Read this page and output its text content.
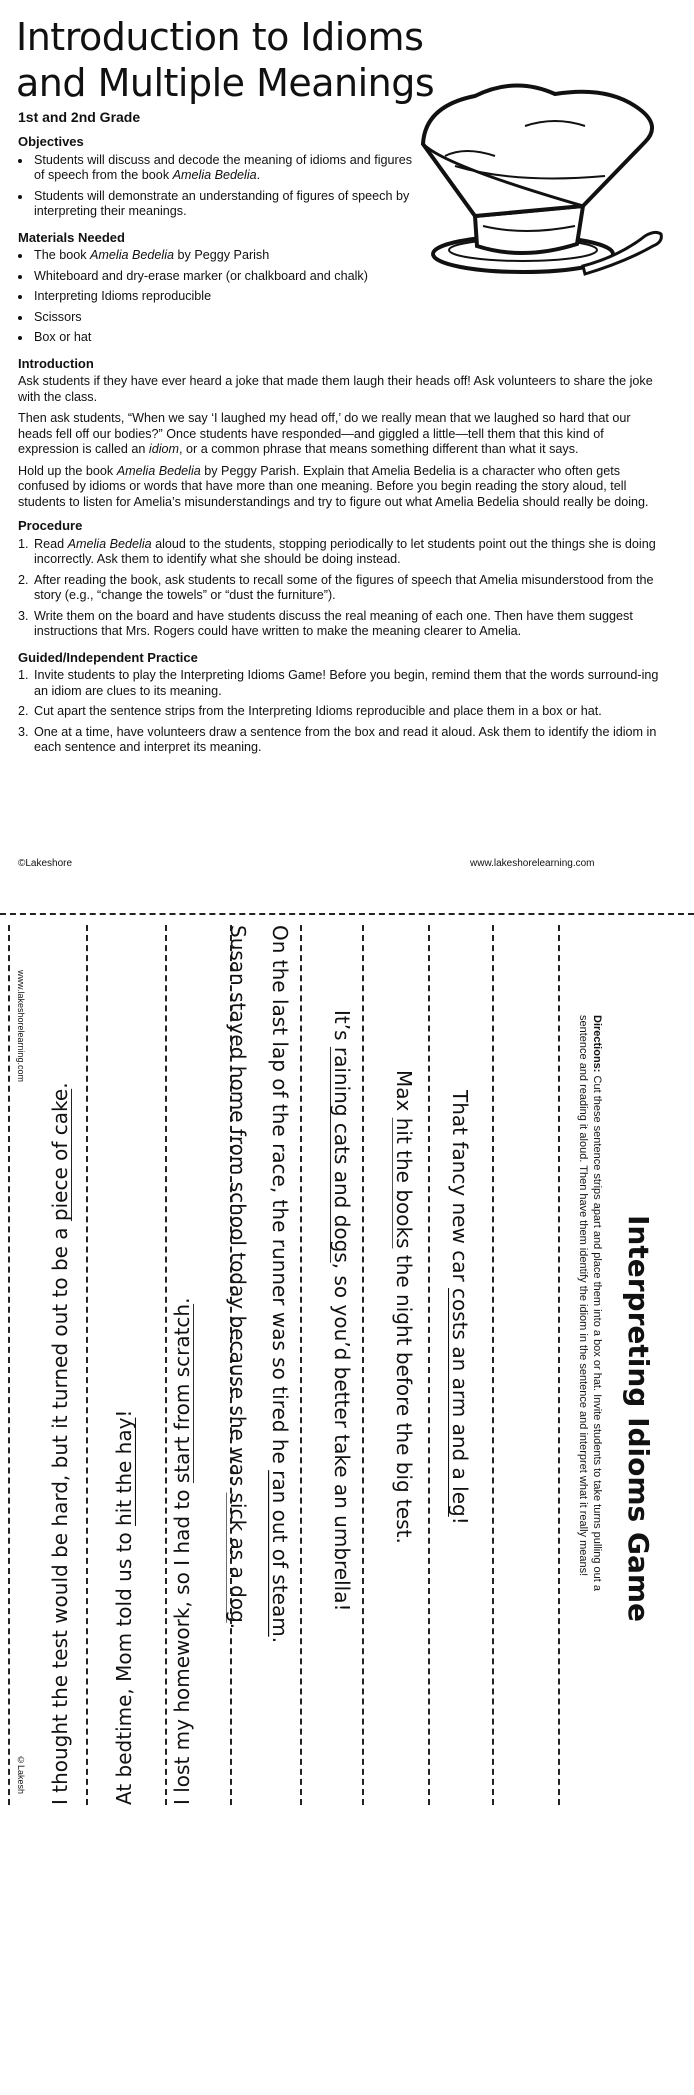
Introduction to Idioms and Multiple Meanings
1st and 2nd Grade
Objectives
• Students will discuss and decode the meaning of idioms and figures of speech from the book Amelia Bedelia.
• Students will demonstrate an understanding of figures of speech by interpreting their meanings.
Materials Needed
• The book Amelia Bedelia by Peggy Parish
• Whiteboard and dry-erase marker (or chalkboard and chalk)
• Interpreting Idioms reproducible
• Scissors
• Box or hat
Introduction

Ask students if they have ever heard a joke that made them laugh their heads off! Ask volunteers to share the joke with the class.

Then ask students, “When we say ‘I laughed my head off,’ do we really mean that we laughed so hard that our heads fell off our bodies?” Once students have responded—and giggled a little—tell them that this kind of expression is called an idiom, or a common phrase that means something different than what it says.

Hold up the book Amelia Bedelia by Peggy Parish. Explain that Amelia Bedelia is a character who often gets confused by idioms or words that have more than one meaning. Before you begin reading the story aloud, tell students to listen for Amelia’s misunderstandings and try to figure out what Amelia Bedelia should really be doing.

Procedure
1. Read Amelia Bedelia aloud to the students, stopping periodically to let students point out the things she is doing incorrectly. Ask them to identify what she should be doing instead.
2. After reading the book, ask students to recall some of the figures of speech that Amelia misunderstood from the story (e.g., “change the towels” or “dust the furniture”).
3. Write them on the board and have students discuss the real meaning of each one. Then have them suggest instructions that Mrs. Rogers could have written to make the meaning clearer to Amelia.
Guided/Independent Practice
1. Invite students to play the Interpreting Idioms Game! Before you begin, remind them that the words surround-ing an idiom are clues to its meaning.
2. Cut apart the sentence strips from the Interpreting Idioms reproducible and place them in a box or hat.
3. One at a time, have volunteers draw a sentence from the box and read it aloud. Ask them to identify the idiom in each sentence and interpret its meaning.
©Lakeshore	www.lakeshorelearning.com
www.lakeshorelearning.com
©Lakesh I thought the test would be hard, but it turned out to be a piece of cake.
At bedtime, Mom told us to hit the hay!
I lost my homework, so I had to start from scratch. Susan stayed home from school today because she was sick as a dog.
On the last lap of the race, the runner was so tired he ran out of steam.
It’s raining cats and dogs, so you’d better take an umbrella!
Max hit the books the night before the big test.
That fancy new car costs an arm and a leg!
Directions: Cut these sentence strips apart and place them into a box or hat. Invite students to take turns pulling out a sentence and reading it aloud. Then have them identify the idiom in the sentence and interpret what it really means!	Interpreting Idioms Game
